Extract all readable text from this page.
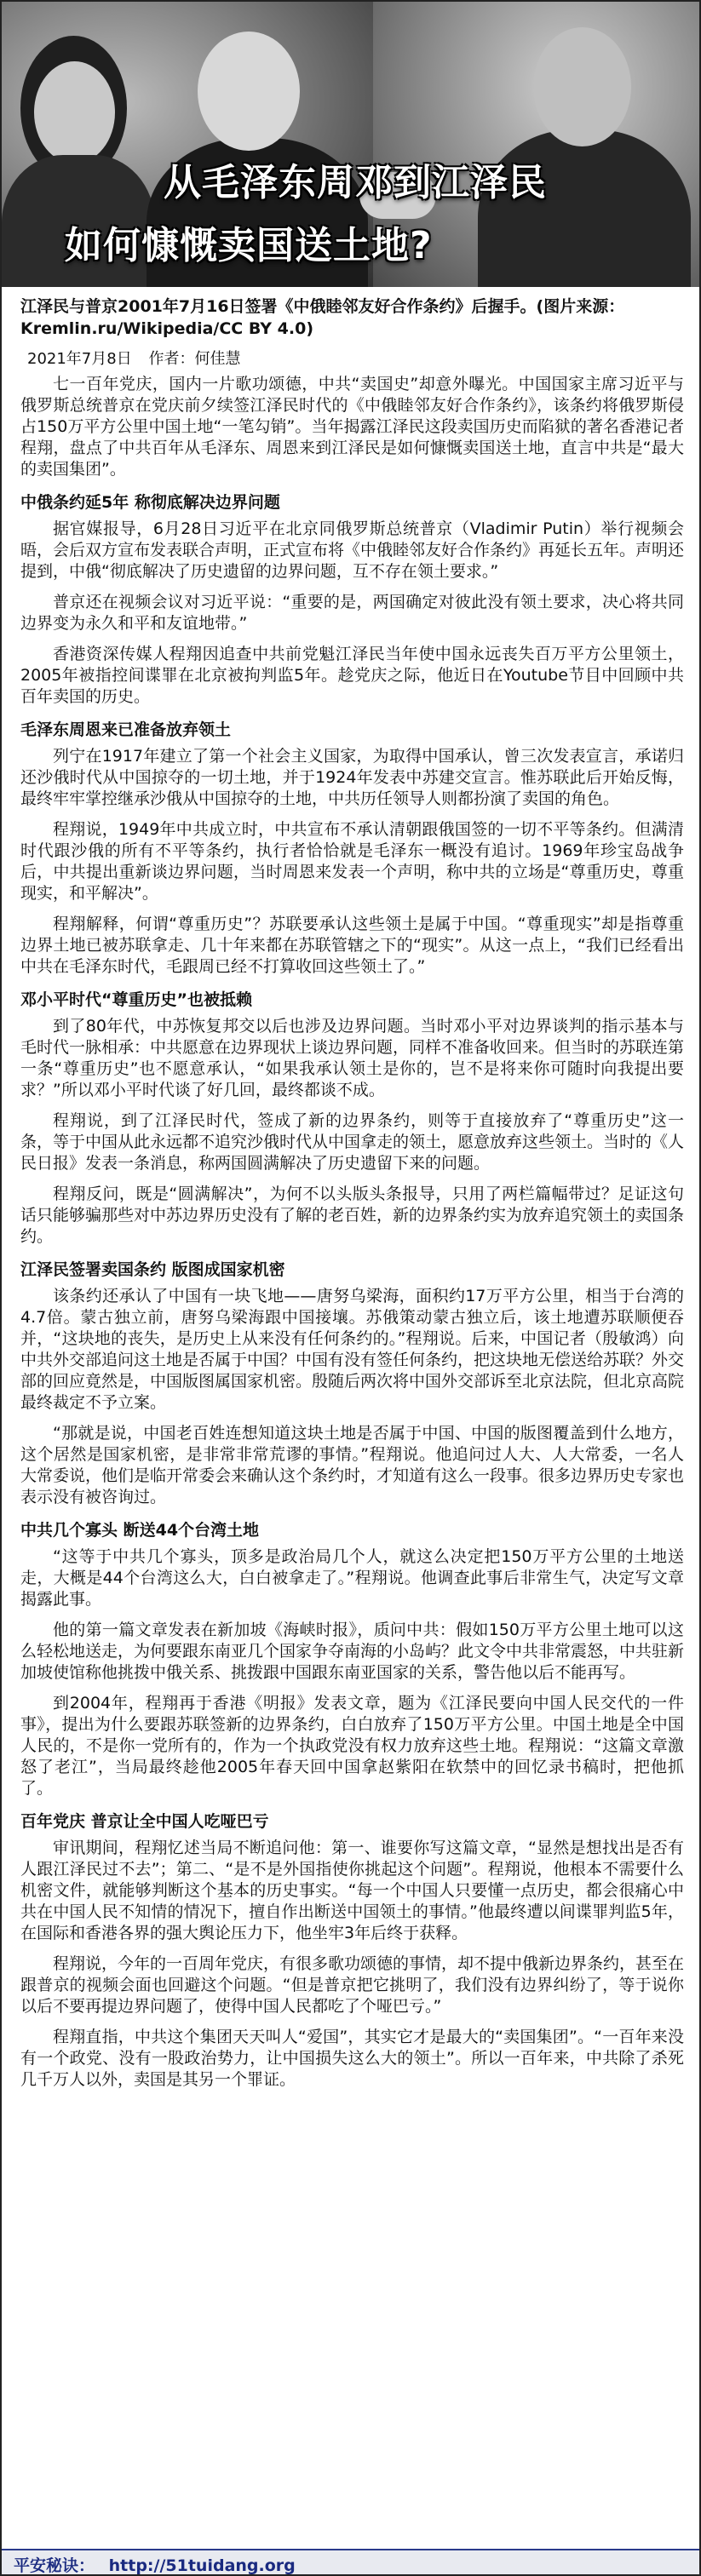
从毛泽东周邓到江泽民
如何慷慨卖国送土地?
江泽民与普京2001年7月16日签署《中俄睦邻友好合作条约》后握手。(图片来源：Kremlin.ru/Wikipedia/CC BY 4.0)
2021年7月8日 作者：何佳慧

七一百年党庆，国内一片歌功颂德，中共“卖国史”却意外曝光。中国国家主席习近平与俄罗斯总统普京在党庆前夕续签江泽民时代的《中俄睦邻友好合作条约》，该条约将俄罗斯侵占150万平方公里中国土地“一笔勾销”。当年揭露江泽民这段卖国历史而陷狱的著名香港记者程翔，盘点了中共百年从毛泽东、周恩来到江泽民是如何慷慨卖国送土地，直言中共是“最大的卖国集团”。

中俄条约延5年 称彻底解决边界问题

据官媒报导，6月28日习近平在北京同俄罗斯总统普京（Vladimir Putin）举行视频会晤，会后双方宣布发表联合声明，正式宣布将《中俄睦邻友好合作条约》再延长五年。声明还提到，中俄“彻底解决了历史遗留的边界问题，互不存在领土要求。”

普京还在视频会议对习近平说：“重要的是，两国确定对彼此没有领土要求，决心将共同边界变为永久和平和友谊地带。”

香港资深传媒人程翔因追查中共前党魁江泽民当年使中国永远丧失百万平方公里领土，2005年被指控间谍罪在北京被拘判监5年。趁党庆之际，他近日在Youtube节目中回顾中共百年卖国的历史。

毛泽东周恩来已准备放弃领土

列宁在1917年建立了第一个社会主义国家，为取得中国承认，曾三次发表宣言，承诺归还沙俄时代从中国掠夺的一切土地，并于1924年发表中苏建交宣言。惟苏联此后开始反悔，最终牢牢掌控继承沙俄从中国掠夺的土地，中共历任领导人则都扮演了卖国的角色。

程翔说，1949年中共成立时，中共宣布不承认清朝跟俄国签的一切不平等条约。但满清时代跟沙俄的所有不平等条约，执行者恰恰就是毛泽东一概没有追讨。1969年珍宝岛战争后，中共提出重新谈边界问题，当时周恩来发表一个声明，称中共的立场是“尊重历史，尊重现实，和平解决”。

程翔解释，何谓“尊重历史”？苏联要承认这些领土是属于中国。“尊重现实”却是指尊重边界土地已被苏联拿走、几十年来都在苏联管辖之下的“现实”。从这一点上，“我们已经看出中共在毛泽东时代，毛跟周已经不打算收回这些领土了。”

邓小平时代“尊重历史”也被抵赖

到了80年代，中苏恢复邦交以后也涉及边界问题。当时邓小平对边界谈判的指示基本与毛时代一脉相承：中共愿意在边界现状上谈边界问题，同样不准备收回来。但当时的苏联连第一条“尊重历史”也不愿意承认，“如果我承认领土是你的，岂不是将来你可随时向我提出要求？”所以邓小平时代谈了好几回，最终都谈不成。

程翔说，到了江泽民时代，签成了新的边界条约，则等于直接放弃了“尊重历史”这一条，等于中国从此永远都不追究沙俄时代从中国拿走的领土，愿意放弃这些领土。当时的《人民日报》发表一条消息，称两国圆满解决了历史遗留下来的问题。

程翔反问，既是“圆满解决”，为何不以头版头条报导，只用了两栏篇幅带过？足证这句话只能够骗那些对中苏边界历史没有了解的老百姓，新的边界条约实为放弃追究领土的卖国条约。

江泽民签署卖国条约 版图成国家机密

该条约还承认了中国有一块飞地——唐努乌梁海，面积约17万平方公里，相当于台湾的4.7倍。蒙古独立前，唐努乌梁海跟中国接壤。苏俄策动蒙古独立后，该土地遭苏联顺便吞并，“这块地的丧失，是历史上从来没有任何条约的。”程翔说。后来，中国记者（殷敏鸿）向中共外交部追问这土地是否属于中国？中国有没有签任何条约，把这块地无偿送给苏联？外交部的回应竟然是，中国版图属国家机密。殷随后两次将中国外交部诉至北京法院，但北京高院最终裁定不予立案。

“那就是说，中国老百姓连想知道这块土地是否属于中国、中国的版图覆盖到什么地方，这个居然是国家机密，是非常非常荒谬的事情。”程翔说。他追问过人大、人大常委，一名人大常委说，他们是临开常委会来确认这个条约时，才知道有这么一段事。很多边界历史专家也表示没有被咨询过。

中共几个寡头 断送44个台湾土地

“这等于中共几个寡头，顶多是政治局几个人，就这么决定把150万平方公里的土地送走，大概是44个台湾这么大，白白被拿走了。”程翔说。他调查此事后非常生气，决定写文章揭露此事。

他的第一篇文章发表在新加坡《海峡时报》，质问中共：假如150万平方公里土地可以这么轻松地送走，为何要跟东南亚几个国家争夺南海的小岛屿？此文令中共非常震怒，中共驻新加坡使馆称他挑拨中俄关系、挑拨跟中国跟东南亚国家的关系，警告他以后不能再写。

到2004年，程翔再于香港《明报》发表文章，题为《江泽民要向中国人民交代的一件事》，提出为什么要跟苏联签新的边界条约，白白放弃了150万平方公里。中国土地是全中国人民的，不是你一党所有的，作为一个执政党没有权力放弃这些土地。程翔说：“这篇文章激怒了老江”，当局最终趁他2005年春天回中国拿赵紫阳在软禁中的回忆录书稿时，把他抓了。

百年党庆 普京让全中国人吃哑巴亏

审讯期间，程翔忆述当局不断追问他：第一、谁要你写这篇文章，“显然是想找出是否有人跟江泽民过不去”；第二、“是不是外国指使你挑起这个问题”。程翔说，他根本不需要什么机密文件，就能够判断这个基本的历史事实。“每一个中国人只要懂一点历史，都会很痛心中共在中国人民不知情的情况下，擅自作出断送中国领土的事情。”他最终遭以间谍罪判监5年，在国际和香港各界的强大舆论压力下，他坐牢3年后终于获释。

程翔说，今年的一百周年党庆，有很多歌功颂德的事情，却不提中俄新边界条约，甚至在跟普京的视频会面也回避这个问题。“但是普京把它挑明了，我们没有边界纠纷了，等于说你以后不要再提边界问题了，使得中国人民都吃了个哑巴亏。”

程翔直指，中共这个集团天天叫人“爱国”，其实它才是最大的“卖国集团”。“一百年来没有一个政党、没有一股政治势力，让中国损失这么大的领土”。所以一百年来，中共除了杀死几千万人以外，卖国是其另一个罪证。

平安秘诀： http://51tuidang.org
